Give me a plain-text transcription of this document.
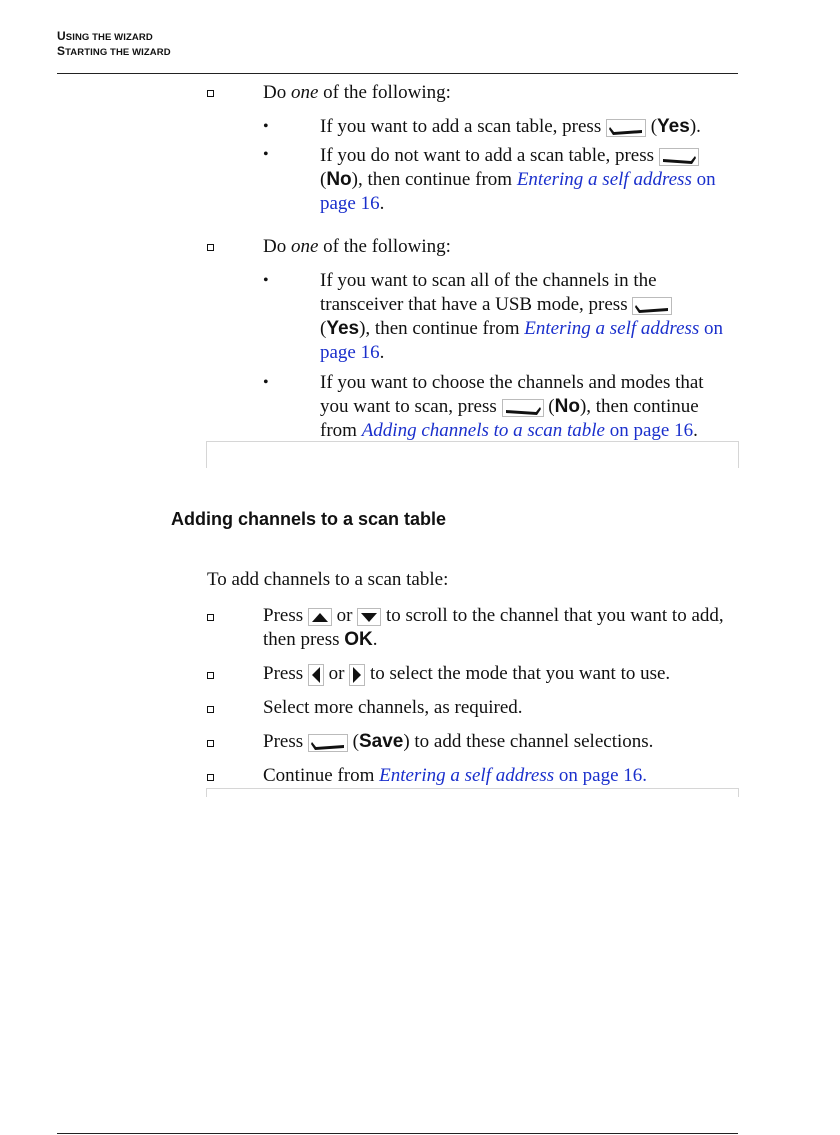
USING THE WIZARD
STARTING THE WIZARD
Do one of the following:
•	If you want to add a scan table, press
(Yes).
•	If you do not want to add a scan table, press
(No), then continue from Entering a self address on
page 16.
Do one of the following:
•	If you want to scan all of the channels in the
transceiver that have a USB mode, press
(Yes), then continue from Entering a self address on
page 16.
•	If you want to choose the channels and modes that
you want to scan, press
(No), then continue
from Adding channels to a scan table on page 16.
Adding channels to a scan table
To add channels to a scan table:
Press
or
to scroll to the channel that you want to add,
then press OK.
Press
or
to select the mode that you want to use.
Select more channels, as required.
Press
(Save) to add these channel selections.
Continue from Entering a self address on page 16.
